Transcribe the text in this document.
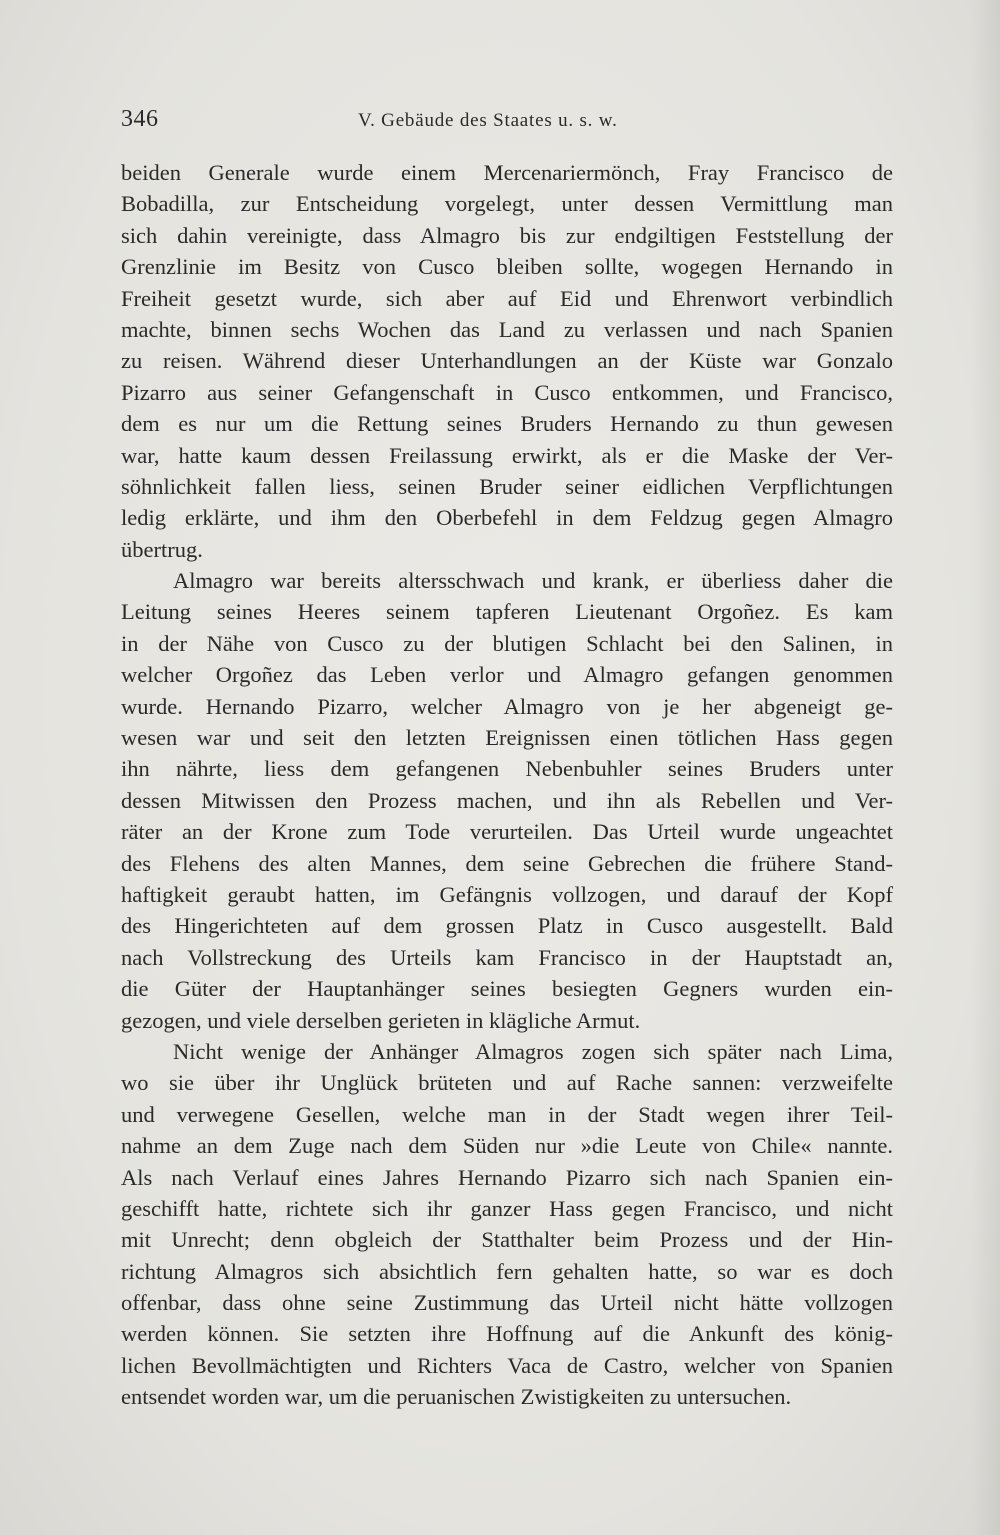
346	V. Gebäude des Staates u. s. w.
beiden Generale wurde einem Mercenariermönch, Fray Francisco de
Bobadilla, zur Entscheidung vorgelegt, unter dessen Vermittlung man
sich dahin vereinigte, dass Almagro bis zur endgiltigen Feststellung der
Grenzlinie im Besitz von Cusco bleiben sollte, wogegen Hernando in
Freiheit gesetzt wurde, sich aber auf Eid und Ehrenwort verbindlich
machte, binnen sechs Wochen das Land zu verlassen und nach Spanien
zu reisen. Während dieser Unterhandlungen an der Küste war Gonzalo
Pizarro aus seiner Gefangenschaft in Cusco entkommen, und Francisco,
dem es nur um die Rettung seines Bruders Hernando zu thun gewesen
war, hatte kaum dessen Freilassung erwirkt, als er die Maske der Ver-
söhnlichkeit fallen liess, seinen Bruder seiner eidlichen Verpflichtungen
ledig erklärte, und ihm den Oberbefehl in dem Feldzug gegen Almagro
übertrug.
Almagro war bereits altersschwach und krank, er überliess daher die
Leitung seines Heeres seinem tapferen Lieutenant Orgoñez. Es kam
in der Nähe von Cusco zu der blutigen Schlacht bei den Salinen, in
welcher Orgoñez das Leben verlor und Almagro gefangen genommen
wurde. Hernando Pizarro, welcher Almagro von je her abgeneigt ge-
wesen war und seit den letzten Ereignissen einen tötlichen Hass gegen
ihn nährte, liess dem gefangenen Nebenbuhler seines Bruders unter
dessen Mitwissen den Prozess machen, und ihn als Rebellen und Ver-
räter an der Krone zum Tode verurteilen. Das Urteil wurde ungeachtet
des Flehens des alten Mannes, dem seine Gebrechen die frühere Stand-
haftigkeit geraubt hatten, im Gefängnis vollzogen, und darauf der Kopf
des Hingerichteten auf dem grossen Platz in Cusco ausgestellt. Bald
nach Vollstreckung des Urteils kam Francisco in der Hauptstadt an,
die Güter der Hauptanhänger seines besiegten Gegners wurden ein-
gezogen, und viele derselben gerieten in klägliche Armut.
Nicht wenige der Anhänger Almagros zogen sich später nach Lima,
wo sie über ihr Unglück brüteten und auf Rache sannen: verzweifelte
und verwegene Gesellen, welche man in der Stadt wegen ihrer Teil-
nahme an dem Zuge nach dem Süden nur »die Leute von Chile« nannte.
Als nach Verlauf eines Jahres Hernando Pizarro sich nach Spanien ein-
geschifft hatte, richtete sich ihr ganzer Hass gegen Francisco, und nicht
mit Unrecht; denn obgleich der Statthalter beim Prozess und der Hin-
richtung Almagros sich absichtlich fern gehalten hatte, so war es doch
offenbar, dass ohne seine Zustimmung das Urteil nicht hätte vollzogen
werden können. Sie setzten ihre Hoffnung auf die Ankunft des könig-
lichen Bevollmächtigten und Richters Vaca de Castro, welcher von Spanien
entsendet worden war, um die peruanischen Zwistigkeiten zu untersuchen.
